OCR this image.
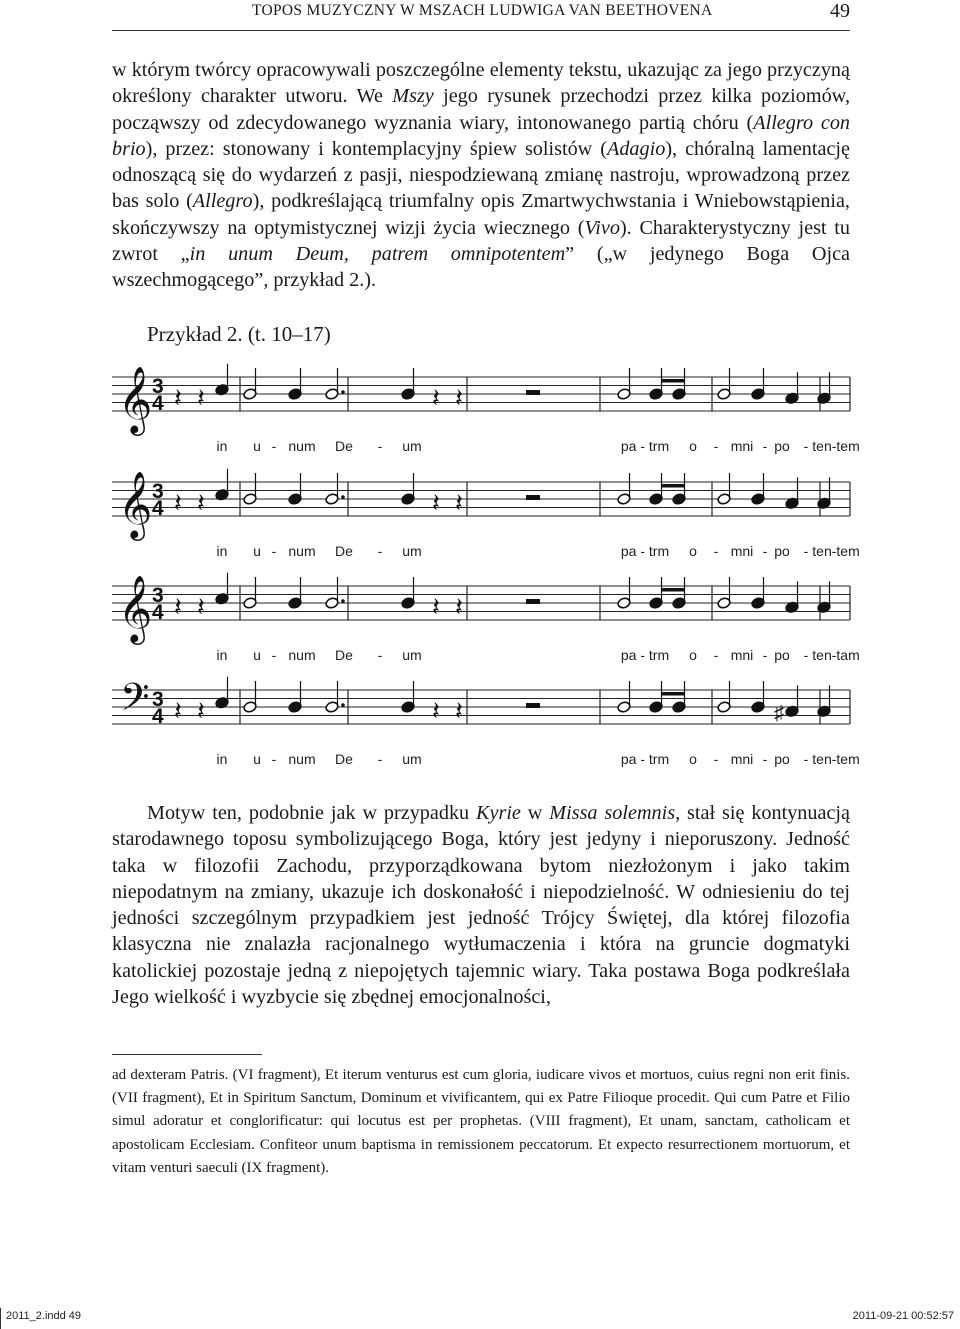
TOPOS MUZYCZNY W MSZACH LUDWIGA VAN BEETHOVENA	49

w którym twórcy opracowywali poszczególne elementy tekstu, ukazując za jego przyczyną określony charakter utworu. We Mszy jego rysunek przechodzi przez kilka poziomów, począwszy od zdecydowanego wyznania wiary, intonowanego partią chóru (Allegro con brio), przez: stonowany i kontemplacyjny śpiew solistów (Adagio), chóralną lamentację odnoszącą się do wydarzeń z pasji, niespodziewaną zmianę nastroju, wprowadzoną przez bas solo (Allegro), podkreślającą triumfalny opis Zmartwychwstania i Wniebowstąpienia, skończywszy na optymistycznej wizji życia wiecznego (Vivo). Charakterystyczny jest tu zwrot „in unum Deum, patrem omnipotentem” („w jedynego Boga Ojca wszechmogącego”, przykład 2.).

Przykład 2. (t. 10–17)
𝄞 3
4 𝄽 𝄽	𝄽 𝄽
in u - num De - um	pa - trm o - mni - po - ten-tem
𝄞 3
4 𝄽 𝄽	𝄽 𝄽
in u - num De - um	pa - trm o - mni - po - ten-tem
𝄞 3
4 𝄽 𝄽	𝄽 𝄽
in u - num De - um	pa - trm o - mni - po - ten-tam
𝄢 3
4 𝄽 𝄽	𝄽 𝄽	♯
in u - num De - um	pa - trm o - mni - po - ten-tem

Motyw ten, podobnie jak w przypadku Kyrie w Missa solemnis, stał się kontynuacją starodawnego toposu symbolizującego Boga, który jest jedyny i nieporuszony. Jedność taka w filozofii Zachodu, przyporządkowana bytom niezłożonym i jako takim niepodatnym na zmiany, ukazuje ich doskonałość i niepodzielność. W odniesieniu do tej jedności szczególnym przypadkiem jest jedność Trójcy Świętej, dla której filozofia klasyczna nie znalazła racjonalnego wytłumaczenia i która na gruncie dogmatyki katolickiej pozostaje jedną z niepojętych tajemnic wiary. Taka postawa Boga podkreślała Jego wielkość i wyzbycie się zbędnej emocjonalności,

ad dexteram Patris. (VI fragment), Et iterum venturus est cum gloria, iudicare vivos et mortuos, cuius regni non erit finis. (VII fragment), Et in Spiritum Sanctum, Dominum et vivificantem, qui ex Patre Filioque procedit. Qui cum Patre et Filio simul adoratur et conglorificatur: qui locutus est per prophetas. (VIII fragment), Et unam, sanctam, catholicam et apostolicam Ecclesiam. Confiteor unum baptisma in remissionem peccatorum. Et expecto resurrectionem mortuorum, et vitam venturi saeculi (IX fragment).

2011_2.indd 49	2011-09-21 00:52:57
